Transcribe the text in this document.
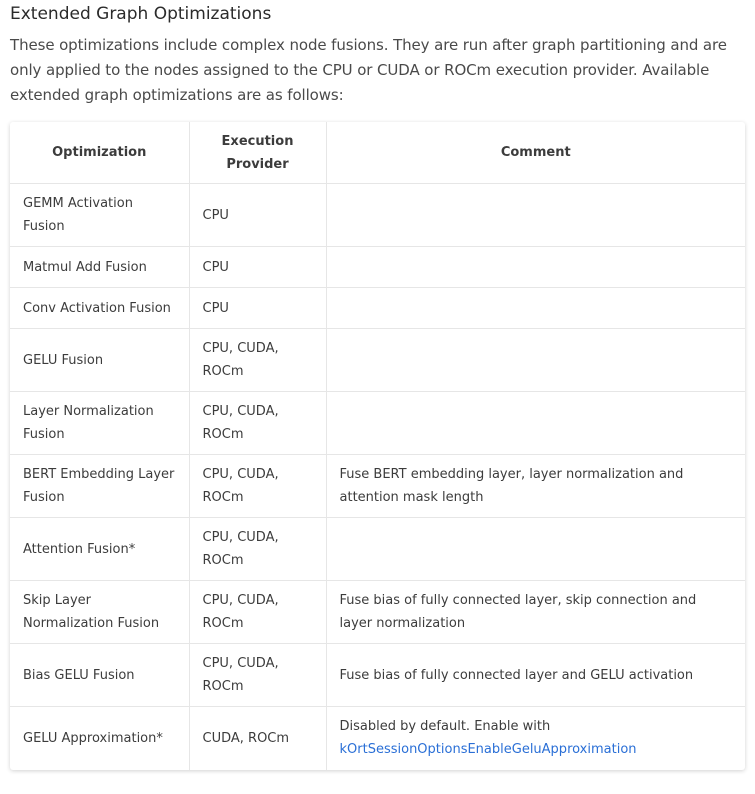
Extended Graph Optimizations

These optimizations include complex node fusions. They are run after graph partitioning and are only applied to the nodes assigned to the CPU or CUDA or ROCm execution provider. Available extended graph optimizations are as follows:

Optimization	Execution Provider	Comment
GEMM Activation Fusion	CPU	
Matmul Add Fusion	CPU	
Conv Activation Fusion	CPU	
GELU Fusion	CPU, CUDA, ROCm	
Layer Normalization Fusion	CPU, CUDA, ROCm	
BERT Embedding Layer Fusion	CPU, CUDA, ROCm	Fuse BERT embedding layer, layer normalization and attention mask length
Attention Fusion*	CPU, CUDA, ROCm	
Skip Layer Normalization Fusion	CPU, CUDA, ROCm	Fuse bias of fully connected layer, skip connection and layer normalization
Bias GELU Fusion	CPU, CUDA, ROCm	Fuse bias of fully connected layer and GELU activation
GELU Approximation*	CUDA, ROCm	Disabled by default. Enable with
kOrtSessionOptionsEnableGeluApproximation
